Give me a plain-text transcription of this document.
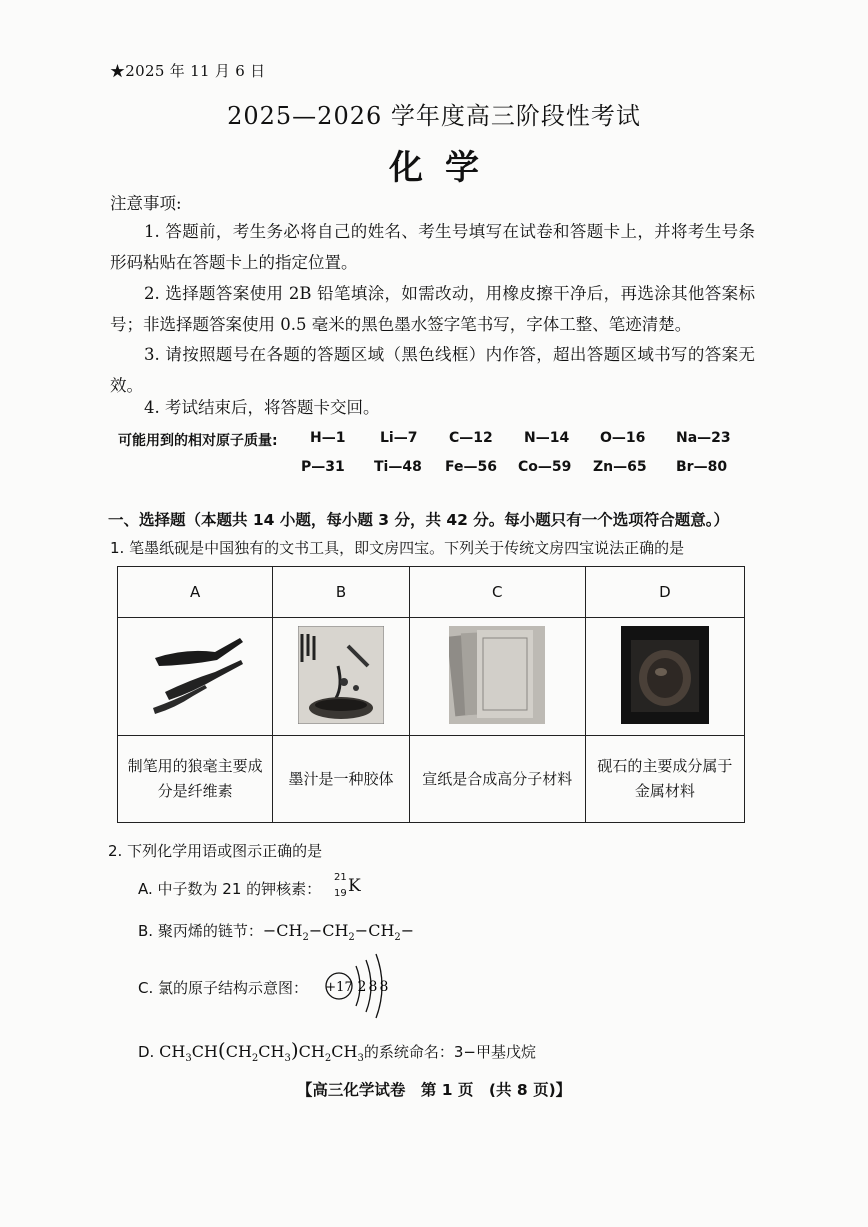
★2025 年 11 月 6 日
2025—2026 学年度高三阶段性考试
化学
注意事项:
1. 答题前，考生务必将自己的姓名、考生号填写在试卷和答题卡上，并将考生号条形码粘贴在答题卡上的指定位置。
2. 选择题答案使用 2B 铅笔填涂，如需改动，用橡皮擦干净后，再选涂其他答案标号；非选择题答案使用 0.5 毫米的黑色墨水签字笔书写，字体工整、笔迹清楚。
3. 请按照题号在各题的答题区域（黑色线框）内作答，超出答题区域书写的答案无效。
4. 考试结束后，将答题卡交回。
可能用到的相对原子质量: H—1 Li—7 C—12 N—14 O—16 Na—23
P—31 Ti—48 Fe—56 Co—59 Zn—65 Br—80
一、选择题（本题共 14 小题，每小题 3 分，共 42 分。每小题只有一个选项符合题意。）
1. 笔墨纸砚是中国独有的文书工具，即文房四宝。下列关于传统文房四宝说法正确的是
A	B	C	D

制笔用的狼毫主要成分是纤维素	墨汁是一种胶体	宣纸是合成高分子材料	砚石的主要成分属于金属材料
2. 下列化学用语或图示正确的是
A. 中子数为 21 的钾核素：
21
19 K
B. 聚丙烯的链节：$-CH_2-CH_2-CH_2-$
C. 氯的原子结构示意图： +17 2 8 8
D. $CH_3CH(CH_2CH_3)CH_2CH_3$的系统命名：3−甲基戊烷
【高三化学试卷　第 1 页　(共 8 页)】
